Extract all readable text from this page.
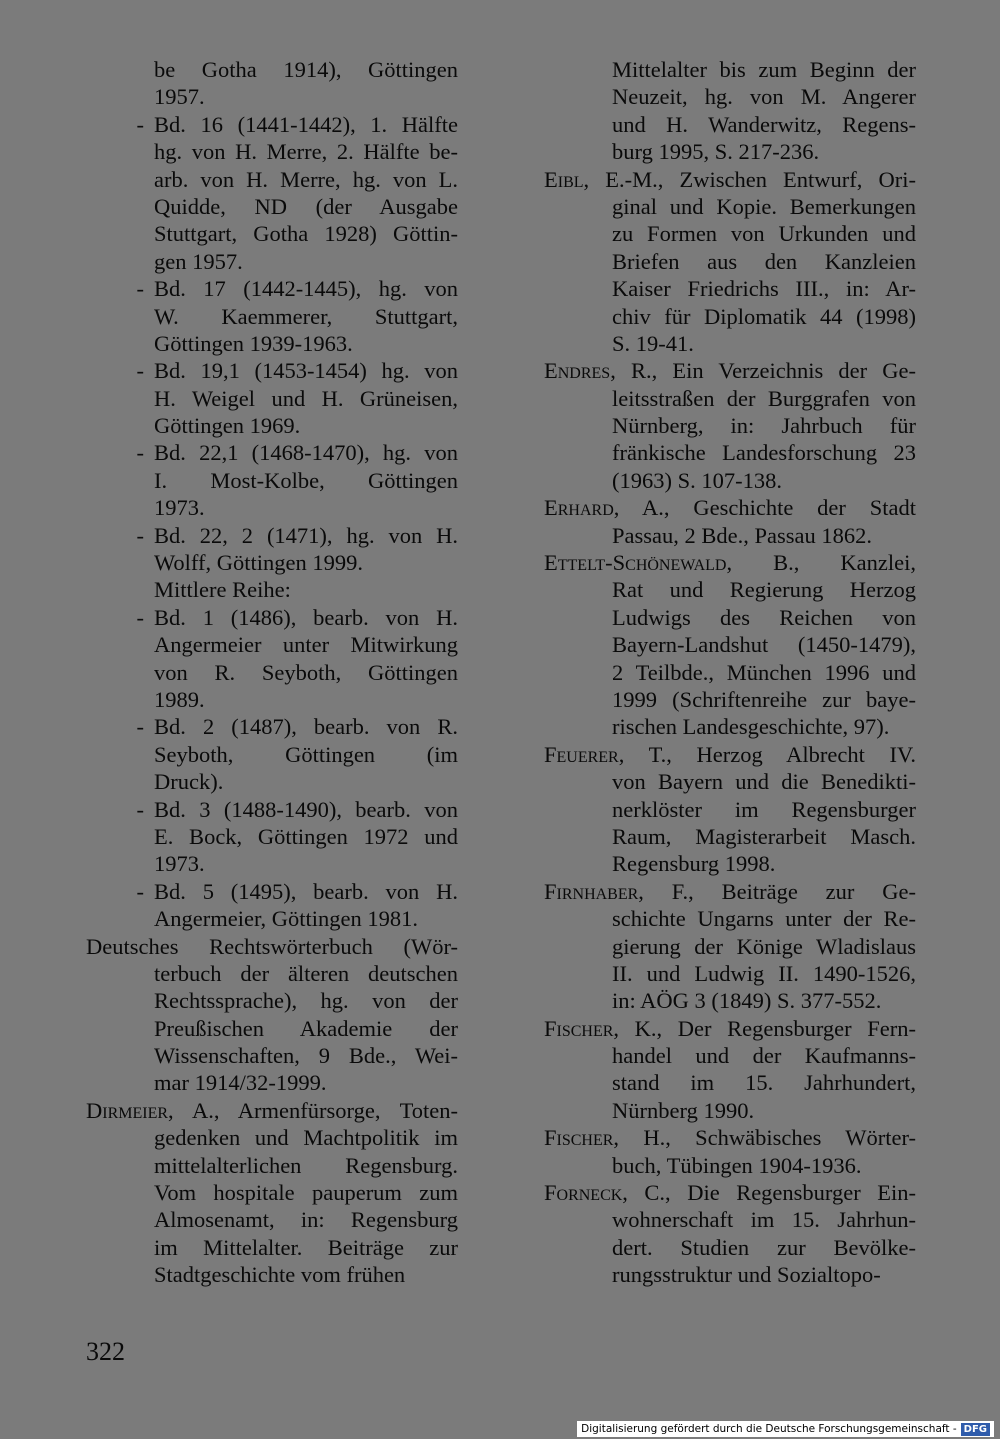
be Gotha 1914), Göttingen
1957.
- Bd. 16 (1441-1442), 1. Hälfte
hg. von H. Merre, 2. Hälfte be-
arb. von H. Merre, hg. von L.
Quidde, ND (der Ausgabe
Stuttgart, Gotha 1928) Göttin-
gen 1957.
- Bd. 17 (1442-1445), hg. von
W. Kaemmerer, Stuttgart,
Göttingen 1939-1963.
- Bd. 19,1 (1453-1454) hg. von
H. Weigel und H. Grüneisen,
Göttingen 1969.
- Bd. 22,1 (1468-1470), hg. von
I. Most-Kolbe, Göttingen
1973.
- Bd. 22, 2 (1471), hg. von H.
Wolff, Göttingen 1999.
Mittlere Reihe:
- Bd. 1 (1486), bearb. von H.
Angermeier unter Mitwirkung
von R. Seyboth, Göttingen
1989.
- Bd. 2 (1487), bearb. von R.
Seyboth, Göttingen (im
Druck).
- Bd. 3 (1488-1490), bearb. von
E. Bock, Göttingen 1972 und
1973.
- Bd. 5 (1495), bearb. von H.
Angermeier, Göttingen 1981.
Deutsches Rechtswörterbuch (Wör-
terbuch der älteren deutschen
Rechtssprache), hg. von der
Preußischen Akademie der
Wissenschaften, 9 Bde., Wei-
mar 1914/32-1999.
Dirmeier, A., Armenfürsorge, Toten-
gedenken und Machtpolitik im
mittelalterlichen Regensburg.
Vom hospitale pauperum zum
Almosenamt, in: Regensburg
im Mittelalter. Beiträge zur
Stadtgeschichte vom frühen
Mittelalter bis zum Beginn der
Neuzeit, hg. von M. Angerer
und H. Wanderwitz, Regens-
burg 1995, S. 217-236.
Eibl, E.-M., Zwischen Entwurf, Ori-
ginal und Kopie. Bemerkungen
zu Formen von Urkunden und
Briefen aus den Kanzleien
Kaiser Friedrichs III., in: Ar-
chiv für Diplomatik 44 (1998)
S. 19-41.
Endres, R., Ein Verzeichnis der Ge-
leitsstraßen der Burggrafen von
Nürnberg, in: Jahrbuch für
fränkische Landesforschung 23
(1963) S. 107-138.
Erhard, A., Geschichte der Stadt
Passau, 2 Bde., Passau 1862.
Ettelt-Schönewald, B., Kanzlei,
Rat und Regierung Herzog
Ludwigs des Reichen von
Bayern-Landshut (1450-1479),
2 Teilbde., München 1996 und
1999 (Schriftenreihe zur baye-
rischen Landesgeschichte, 97).
Feuerer, T., Herzog Albrecht IV.
von Bayern und die Benedikti-
nerklöster im Regensburger
Raum, Magisterarbeit Masch.
Regensburg 1998.
Firnhaber, F., Beiträge zur Ge-
schichte Ungarns unter der Re-
gierung der Könige Wladislaus
II. und Ludwig II. 1490-1526,
in: AÖG 3 (1849) S. 377-552.
Fischer, K., Der Regensburger Fern-
handel und der Kaufmanns-
stand im 15. Jahrhundert,
Nürnberg 1990.
Fischer, H., Schwäbisches Wörter-
buch, Tübingen 1904-1936.
Forneck, C., Die Regensburger Ein-
wohnerschaft im 15. Jahrhun-
dert. Studien zur Bevölke-
rungsstruktur und Sozialtopo-
322
Digitalisierung gefördert durch die Deutsche Forschungsgemeinschaft - DFG
